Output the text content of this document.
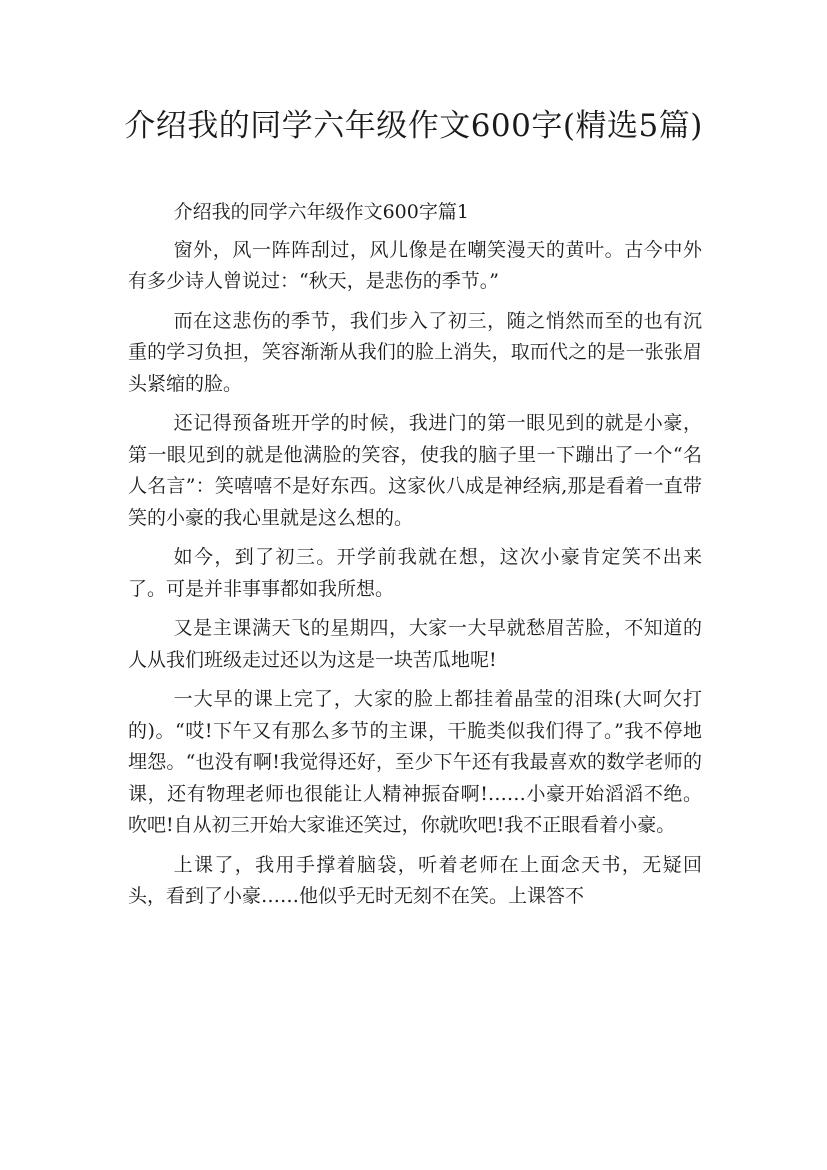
介绍我的同学六年级作文600字(精选5篇)

介绍我的同学六年级作文600字篇1

窗外，风一阵阵刮过，风儿像是在嘲笑漫天的黄叶。古今中外有多少诗人曾说过：“秋天，是悲伤的季节。”

而在这悲伤的季节，我们步入了初三，随之悄然而至的也有沉重的学习负担，笑容渐渐从我们的脸上消失，取而代之的是一张张眉头紧缩的脸。

还记得预备班开学的时候，我进门的第一眼见到的就是小豪，第一眼见到的就是他满脸的笑容，使我的脑子里一下蹦出了一个“名人名言”：笑嘻嘻不是好东西。这家伙八成是神经病,那是看着一直带笑的小豪的我心里就是这么想的。

如今，到了初三。开学前我就在想，这次小豪肯定笑不出来了。可是并非事事都如我所想。

又是主课满天飞的星期四，大家一大早就愁眉苦脸，不知道的人从我们班级走过还以为这是一块苦瓜地呢!

一大早的课上完了，大家的脸上都挂着晶莹的泪珠(大呵欠打的)。“哎!下午又有那么多节的主课，干脆类似我们得了。”我不停地埋怨。“也没有啊!我觉得还好，至少下午还有我最喜欢的数学老师的课，还有物理老师也很能让人精神振奋啊!……小豪开始滔滔不绝。吹吧!自从初三开始大家谁还笑过，你就吹吧!我不正眼看着小豪。

上课了，我用手撑着脑袋，听着老师在上面念天书，无疑回头，看到了小豪……他似乎无时无刻不在笑。上课答不
